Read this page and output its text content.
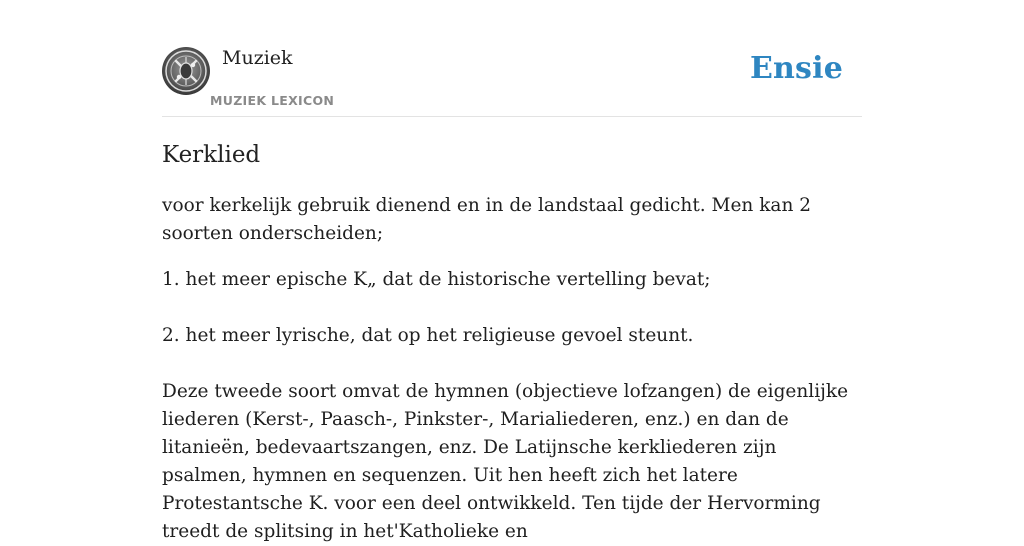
Muziek
MUZIEK LEXICON
Ensie
Kerklied

voor kerkelijk gebruik dienend en in de landstaal gedicht. Men kan 2 soorten onderscheiden;

1. het meer epische K„ dat de historische vertelling bevat;

2. het meer lyrische, dat op het religieuse gevoel steunt.

Deze tweede soort omvat de hymnen (objectieve lofzangen) de eigenlijke liederen (Kerst-, Paasch-, Pinkster-, Marialiederen, enz.) en dan de litanieën, bedevaartszangen, enz. De Latijnsche kerkliederen zijn psalmen, hymnen en sequenzen. Uit hen heeft zich het latere Protestantsche K. voor een deel ontwikkeld. Ten tijde der Hervorming treedt de splitsing in het'Katholieke en
